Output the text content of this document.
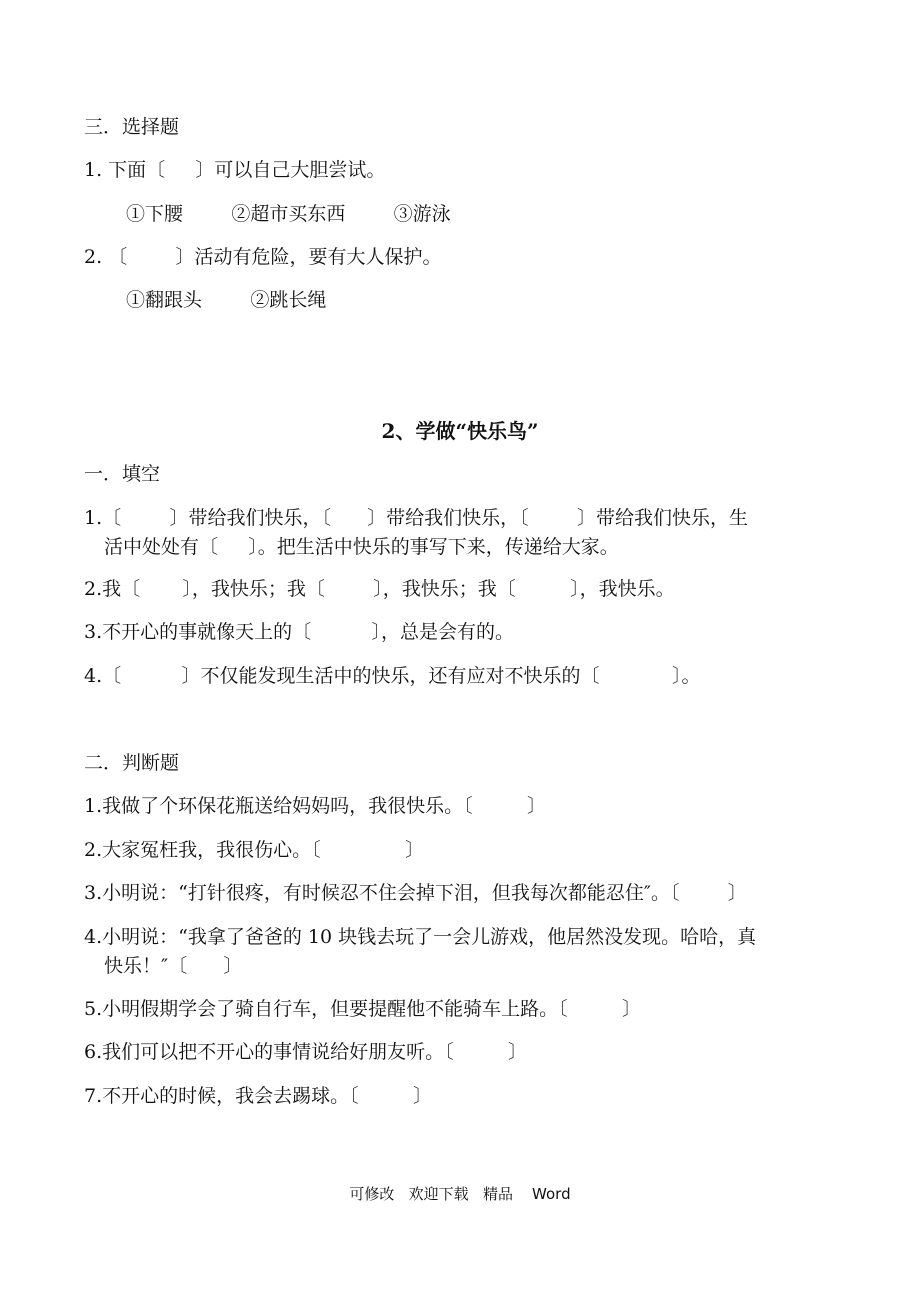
三．选择题
1. 下面〔     〕可以自己大胆尝试。
①下腰        ②超市买东西        ③游泳
2. 〔        〕活动有危险，要有大人保护。
①翻跟头        ②跳长绳
2、学做“快乐鸟”
一．填空
1.〔        〕带给我们快乐，〔      〕带给我们快乐，〔        〕带给我们快乐，生
活中处处有〔     〕。把生活中快乐的事写下来，传递给大家。
2.我〔       〕，我快乐；我〔        〕，我快乐；我〔         〕，我快乐。
3.不开心的事就像天上的〔          〕，总是会有的。
4.〔          〕不仅能发现生活中的快乐，还有应对不快乐的〔            〕。
二．判断题
1.我做了个环保花瓶送给妈妈吗，我很快乐。〔         〕
2.大家冤枉我，我很伤心。〔              〕
3.小明说：“打针很疼，有时候忍不住会掉下泪，但我每次都能忍住″。〔        〕
4.小明说：“我拿了爸爸的 10 块钱去玩了一会儿游戏，他居然没发现。哈哈，真
快乐！″〔      〕
5.小明假期学会了骑自行车，但要提醒他不能骑车上路。〔         〕
6.我们可以把不开心的事情说给好朋友听。〔         〕
7.不开心的时候，我会去踢球。〔         〕
可修改   欢迎下载   精品    Word
